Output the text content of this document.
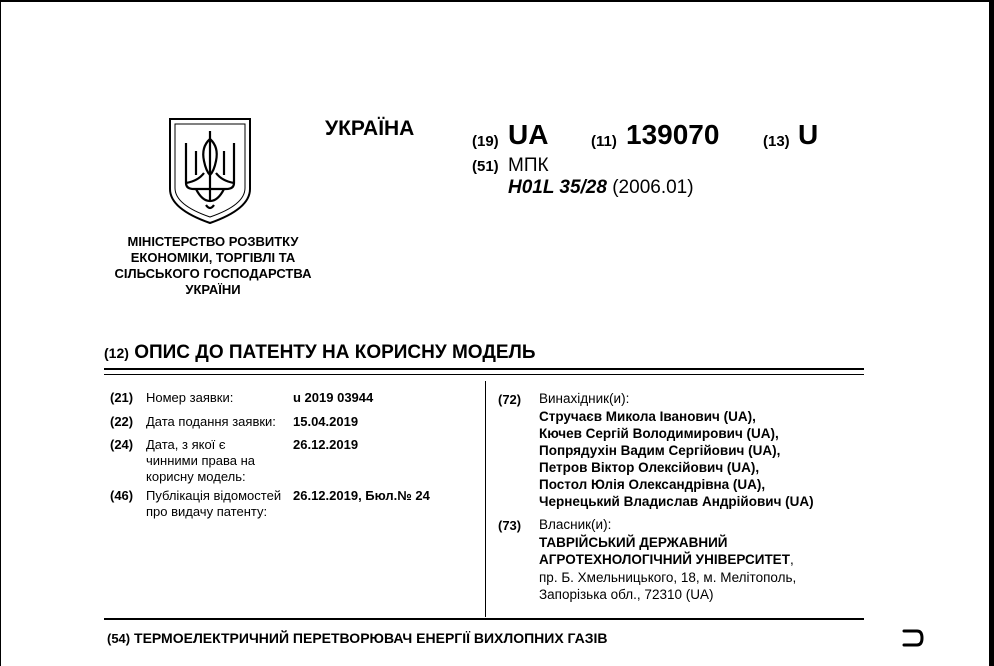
МІНІСТЕРСТВО РОЗВИТКУ
ЕКОНОМІКИ, ТОРГІВЛІ ТА
СІЛЬСЬКОГО ГОСПОДАРСТВА
УКРАЇНИ
УКРАЇНА
(19) UA	(11) 139070	(13) U
(51) МПК
H01L 35/28 (2006.01)
(12) ОПИС ДО ПАТЕНТУ НА КОРИСНУ МОДЕЛЬ
(21) Номер заявки:	u 2019 03944
(22) Дата подання заявки: 15.04.2019
(24) Дата, з якої є чинними права на корисну модель:
26.12.2019
(46) Публікація відомостей про видачу патенту:
26.12.2019, Бюл.№ 24
(72) Винахідник(и):
Стручаєв Микола Іванович (UA),
Кючев Сергій Володимирович (UA),
Попрядухін Вадим Сергійович (UA),
Петров Віктор Олексійович (UA),
Постол Юлія Олександрівна (UA),
Чернецький Владислав Андрійович (UA)
(73) Власник(и):
ТАВРІЙСЬКИЙ ДЕРЖАВНИЙ
АГРОТЕХНОЛОГІЧНИЙ УНІВЕРСИТЕТ,
пр. Б. Хмельницького, 18, м. Мелітополь,
Запорізька обл., 72310 (UA)
(54) ТЕРМОЕЛЕКТРИЧНИЙ ПЕРЕТВОРЮВАЧ ЕНЕРГІЇ ВИХЛОПНИХ ГАЗІВ
